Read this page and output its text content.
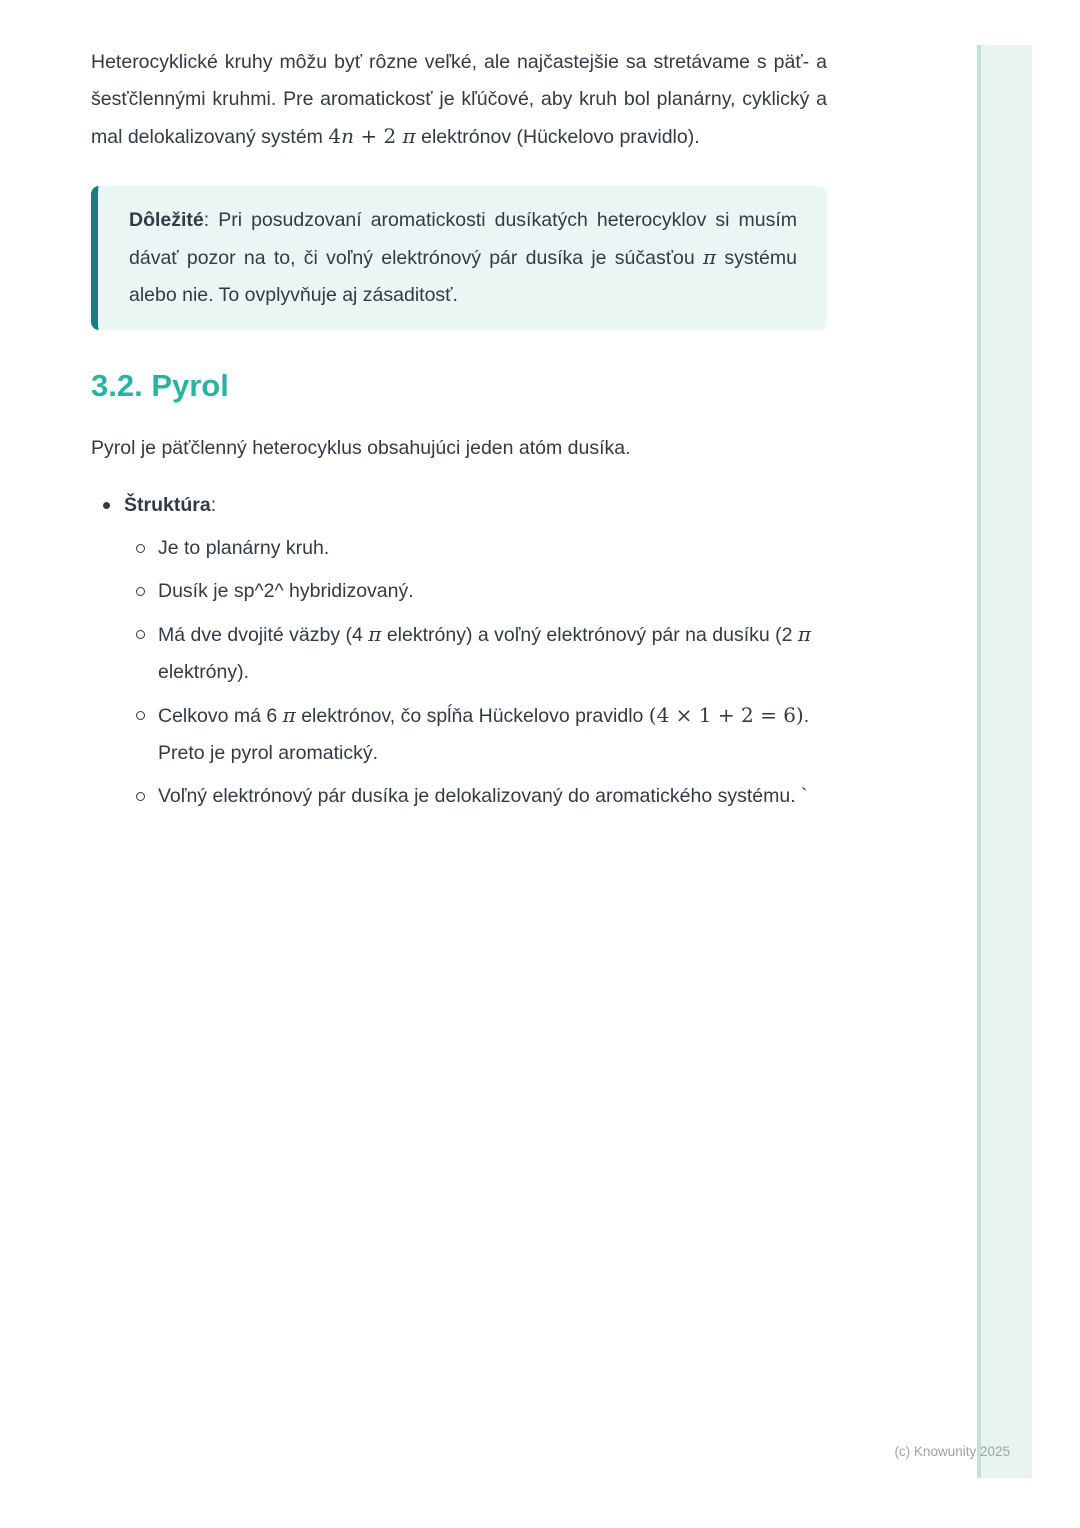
Heterocyklické kruhy môžu byť rôzne veľké, ale najčastejšie sa stretávame s päť- a šesťčlennými kruhmi. Pre aromatickosť je kľúčové, aby kruh bol planárny, cyklický a mal delokalizovaný systém 4n + 2 π elektrónov (Hückelovo pravidlo).

Dôležité: Pri posudzovaní aromatickosti dusíkatých heterocyklov si musím dávať pozor na to, či voľný elektrónový pár dusíka je súčasťou π systému alebo nie. To ovplyvňuje aj zásaditosť.

3.2. Pyrol

Pyrol je päťčlenný heterocyklus obsahujúci jeden atóm dusíka.

Štruktúra:
Je to planárny kruh.
Dusík je sp^2^ hybridizovaný.
Má dve dvojité väzby (4 π elektróny) a voľný elektrónový pár na dusíku (2 π elektróny).
Celkovo má 6 π elektrónov, čo spĺňa Hückelovo pravidlo (4 × 1 + 2 = 6). Preto je pyrol aromatický.
Voľný elektrónový pár dusíka je delokalizovaný do aromatického systému. `
(c) Knowunity 2025
